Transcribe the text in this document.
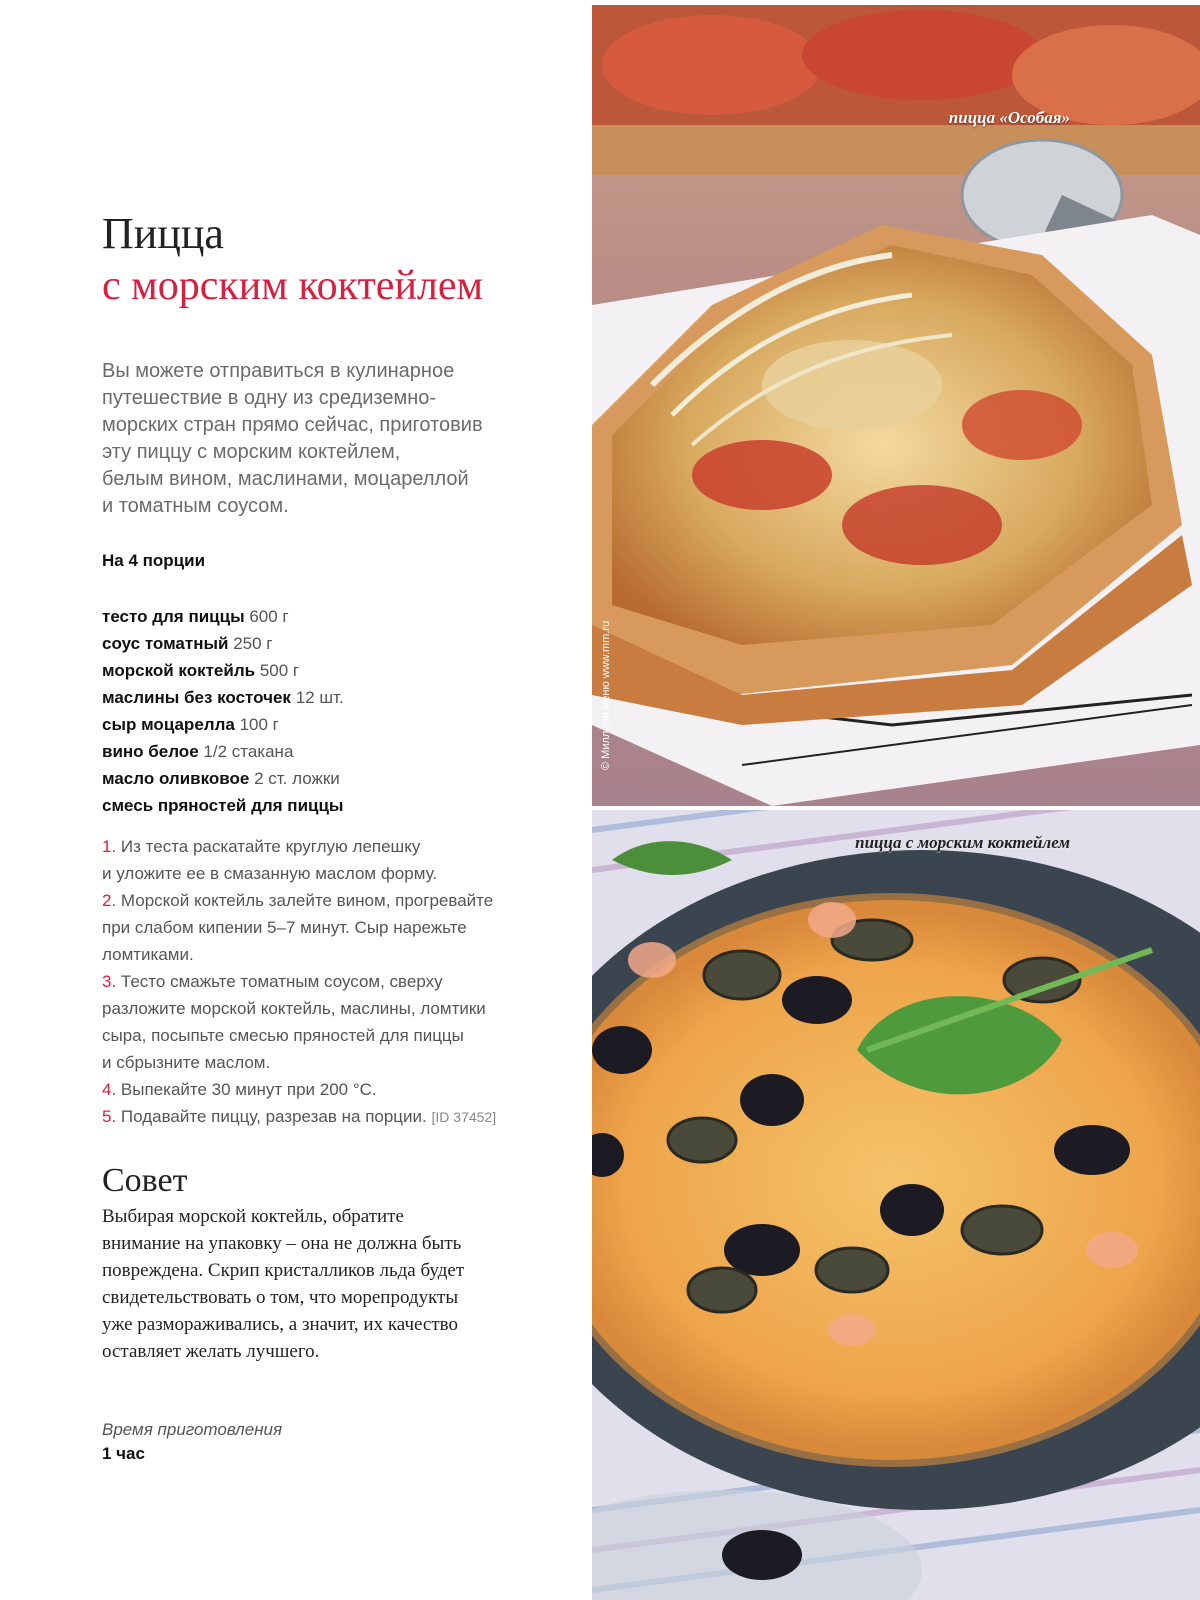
Пицца
с морским коктейлем
Вы можете отправиться в кулинарное
путешествие в одну из средиземно-
морских стран прямо сейчас, приготовив
эту пиццу с морским коктейлем,
белым вином, маслинами, моцареллой
и томатным соусом.
На 4 порции
тесто для пиццы 600 г
соус томатный 250 г
морской коктейль 500 г
маслины без косточек 12 шт.
сыр моцарелла 100 г
вино белое 1/2 стакана
масло оливковое 2 ст. ложки
смесь пряностей для пиццы
1. Из теста раскатайте круглую лепешку
и уложите ее в смазанную маслом форму.
2. Морской коктейль залейте вином, прогревайте
при слабом кипении 5–7 минут. Сыр нарежьте
ломтиками.
3. Тесто смажьте томатным соусом, сверху
разложите морской коктейль, маслины, ломтики
сыра, посыпьте смесью пряностей для пиццы
и сбрызните маслом.
4. Выпекайте 30 минут при 200 °С.
5. Подавайте пиццу, разрезав на порции. [ID 37452]
Совет
Выбирая морской коктейль, обратите
внимание на упаковку – она не должна быть
повреждена. Скрип кристалликов льда будет
свидетельствовать о том, что морепродукты
уже размораживались, а значит, их качество
оставляет желать лучшего.
Время приготовления
1 час
пицца «Особая»
© Миллион меню www.mm.ru
пицца с морским коктейлем
